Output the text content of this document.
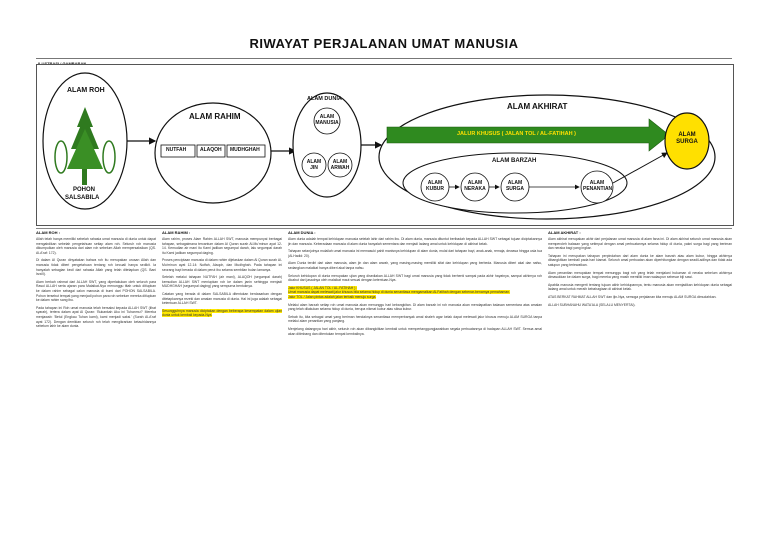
RIWAYAT PERJALANAN UMAT MANUSIA
ALAM ROH
POHON
SALSABILA
ALAM RAHIM
NUTFAH	ALAQOH MUDHGHAH
ALAM DUNIA
ALAM MANUSIA
ALAM JIN
ALAM ARWAH
ALAM AKHIRAT
JALUR KHUSUS ( JALAN TOL / AL-FATIHAH )
ALAM BARZAH
ALAM KUBUR
ALAM NERAKA
ALAM SURGA
ALAM PENANTIAN
ALAM SURGA
ALAM ROH :

Allah telah hanya memiliki sebelah rahasia umat manusia di dunia untuk dapat mengabdikan sebelah pengetahuan setiap alam roh. Seluruh roh manusia dikumpulkan oleh manusia dari alam roh sebelum Allah mempersaksikan (QS. Al-A'raf: 172).

Di dalam Al Quran dinyatakan bahwa roh itu merupakan urusan Allah dan manusia tidak diberi pengetahuan tentang roh kecuali hanya sedikit. Ia hanyalah sebagian kecil dari rahasia Allah yang telah ditetapkan (QS. Bani Isra'il).

Alam berkah rahmat dari ALLAH SWT, yang diperlakukan oleh seluruh para Rasul ALLAH serta ajaran para Malaikat-Nya menunggu titah untuk ditiupkan ke dalam rahim sebagai calon manusia di bumi dari POHON SALSABILA. Pohon tersebut tempat yang menjadi pohon para roh sebelum mereka ditiupkan ke dalam rahim sang ibu.

Pada tahapan ini Roh umat manusia telah bersaksi kepada ALLAH SWT (lihat syarah), tertera dalam ayat Al Quran: 'Bukankah Aku ini Tuhanmu?' Mereka menjawab: 'Betul (Engkau Tuhan kami), kami menjadi saksi.' (Surah Al-A'raf ayat 172). Dengan demikian seluruh roh telah mengikrarkan ketauhidannya sebelum lahir ke alam dunia.

ALAM RAHIM :

Alam rahim, proses Alam Rahim ALLAH SWT, manusia mempunyai berbagai tahapan, sebagaimana tercantum dalam Al Quran surah Al-Mu'minun ayat 12-14. Kemudian air mani itu Kami jadikan segumpal darah, lalu segumpal darah itu Kami jadikan segumpal daging.

Proses penciptaan manusia di dalam rahim dijelaskan dalam Al Quran surah Al-Mu'minun ayat 12-14: Nutfah, Alaqoh, dan Mudhghah. Pada tahapan ini seorang bayi berada di dalam perut ibu selama sembilan bulan lamanya.

Setelah melalui tahapan NUTFAH (air mani), ALAQOH (segumpal darah) kemudian ALLAH SWT meniupkan roh ke dalam janin sehingga menjadi MUDHGHAH (segumpal daging) yang sempurna bentuknya.

Catatan yang berada di dalam SALSABILA ditentukan berdasarkan dengan ditetapkannya rezeki dan amalan manusia di dunia. Hal ini juga adalah sebagai ketentuan ALLAH SWT.

Sesungguhnya manusia diciptakan dengan beberapa kesempatan dalam ujian dunia untuk kembali kepada-Nya.

ALAM DUNIA :

Alam dunia adalah tempat kehidupan manusia setelah lahir dari rahim ibu. Di alam dunia, manusia dituntut beribadah kepada ALLAH SWT sebagai tujuan diciptakannya jin dan manusia. Keberadaan manusia di alam dunia hanyalah sementara dan menjadi ladang amal untuk kehidupan di akhirat kelak.

Tahapan selanjutnya mulailah umat manusia ini memasuki pahit manisnya kehidupan di alam dunia, mulai dari tahapan bayi, anak-anak, remaja, dewasa hingga usia tua (Al-Hadid: 20).

Alam Dunia terdiri dari alam manusia, alam jin dan alam arwah, yang masing-masing memiliki sifat dan kehidupan yang berbeda. Manusia diberi akal dan nafsu, sedangkan malaikat hanya diberi akal tanpa nafsu.

Seluruh kehidupan di dunia merupakan ujian yang disediakan ALLAH SWT bagi umat manusia yang tidak berhenti sampai pada akhir hayatnya, sampai akhirnya roh dicabut dari jasadnya oleh malaikat maut sesuai dengan ketentuan-Nya.

Jalur KHUSUS ( JALAN TOL / AL-FATIHAH ) :
Umat manusia dapat melewati jalur khusus bila selama hidup di dunia senantiasa mengamalkan Al-Fatihah dengan sebenar-benarnya pemahaman.
Jalur TOL / Jalan pintas adalah jalan terbaik menuju surga.

Melalui alam barzah setiap roh umat manusia akan menunggu hari kebangkitan. Di alam barzah ini roh manusia akan mendapatkan balasan sementara atas amalan yang telah dilakukan selama hidup di dunia, berupa nikmat kubur atau siksa kubur.

Sebab itu, kita sebagai umat yang beriman hendaknya senantiasa memperbanyak amal shaleh agar kelak dapat melewati jalur khusus menuju ALAM SURGA tanpa melalui alam penantian yang panjang.

Menjelang datangnya hari akhir, seluruh roh akan dibangkitkan kembali untuk mempertanggungjawabkan segala perbuatannya di hadapan ALLAH SWT. Semua amal akan ditimbang dan ditentukan tempat kembalinya.

ALAM AKHIRAT :

Alam akhirat merupakan akhir dari perjalanan umat manusia di alam fana ini. Di alam akhirat seluruh umat manusia akan memperoleh balasan yang setimpal dengan amal perbuatannya selama hidup di dunia, yakni surga bagi yang beriman dan neraka bagi yang ingkar.

Tahapan ini merupakan tahapan perpindahan dari alam dunia ke alam barzah atau alam kubur, hingga akhirnya dibangkitkan kembali pada hari kiamat. Seluruh amal perbuatan akan diperhitungkan dengan seadil-adilnya dan tidak ada satupun yang terlewatkan.

Alam penantian merupakan tempat menunggu bagi roh yang telah menjalani hukuman di neraka sebelum akhirnya dimasukkan ke dalam surga, bagi mereka yang masih memiliki iman walaupun sebesar biji sawi.

Apabila manusia mengerti tentang tujuan akhir kehidupannya, tentu manusia akan menjadikan kehidupan dunia sebagai ladang amal untuk meraih kebahagiaan di akhirat kelak.

ATAS BERKAT RAHMAT ALLAH SWT dan ijin-Nya, semoga perjalanan kita menuju ALAM SURGA dimudahkan.

ALLAH SUBHANAHU WATA'ALA (SELALU MENYERTAI).
